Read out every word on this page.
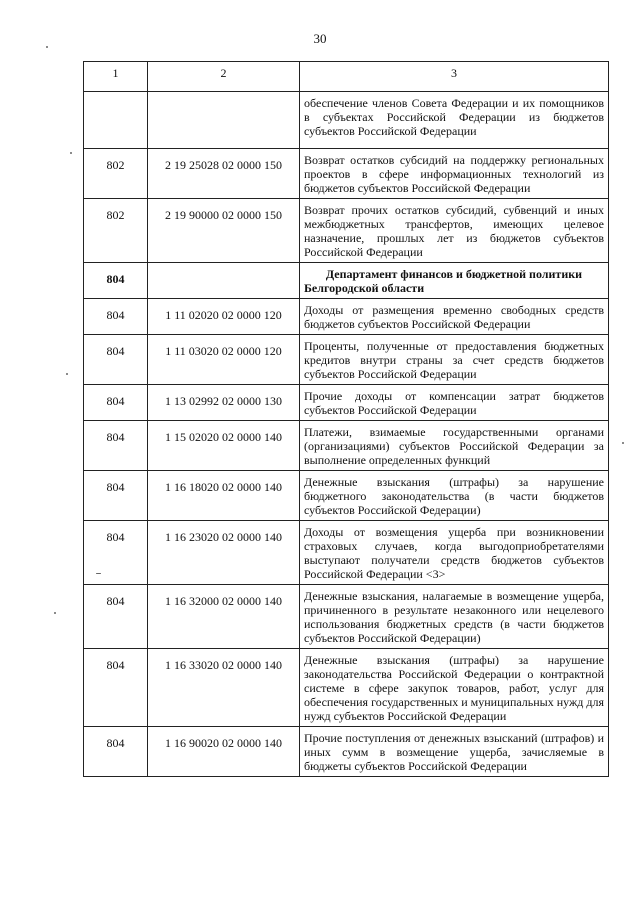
30
1	2	3
		обеспечение членов Совета Федерации и их помощников в субъектах Российской Федерации из бюджетов субъектов Российской Федерации
802	2 19 25028 02 0000 150	Возврат остатков субсидий на поддержку региональных проектов в сфере информационных технологий из бюджетов субъектов Российской Федерации
802	2 19 90000 02 0000 150	Возврат прочих остатков субсидий, субвенций и иных межбюджетных трансфертов, имеющих целевое назначение, прошлых лет из бюджетов субъектов Российской Федерации
804		Департамент финансов и бюджетной политики Белгородской области
804	1 11 02020 02 0000 120	Доходы от размещения временно свободных средств бюджетов субъектов Российской Федерации
804	1 11 03020 02 0000 120	Проценты, полученные от предоставления бюджетных кредитов внутри страны за счет средств бюджетов субъектов Российской Федерации
804	1 13 02992 02 0000 130	Прочие доходы от компенсации затрат бюджетов субъектов Российской Федерации
804	1 15 02020 02 0000 140	Платежи, взимаемые государственными органами (организациями) субъектов Российской Федерации за выполнение определенных функций
804	1 16 18020 02 0000 140	Денежные взыскания (штрафы) за нарушение бюджетного законодательства (в части бюджетов субъектов Российской Федерации)
804	1 16 23020 02 0000 140	Доходы от возмещения ущерба при возникновении страховых случаев, когда выгодоприобретателями выступают получатели средств бюджетов субъектов Российской Федерации <3>
804	1 16 32000 02 0000 140	Денежные взыскания, налагаемые в возмещение ущерба, причиненного в результате незаконного или нецелевого использования бюджетных средств (в части бюджетов субъектов Российской Федерации)
804	1 16 33020 02 0000 140	Денежные взыскания (штрафы) за нарушение законодательства Российской Федерации о контрактной системе в сфере закупок товаров, работ, услуг для обеспечения государственных и муниципальных нужд для нужд субъектов Российской Федерации
804	1 16 90020 02 0000 140	Прочие поступления от денежных взысканий (штрафов) и иных сумм в возмещение ущерба, зачисляемые в бюджеты субъектов Российской Федерации
